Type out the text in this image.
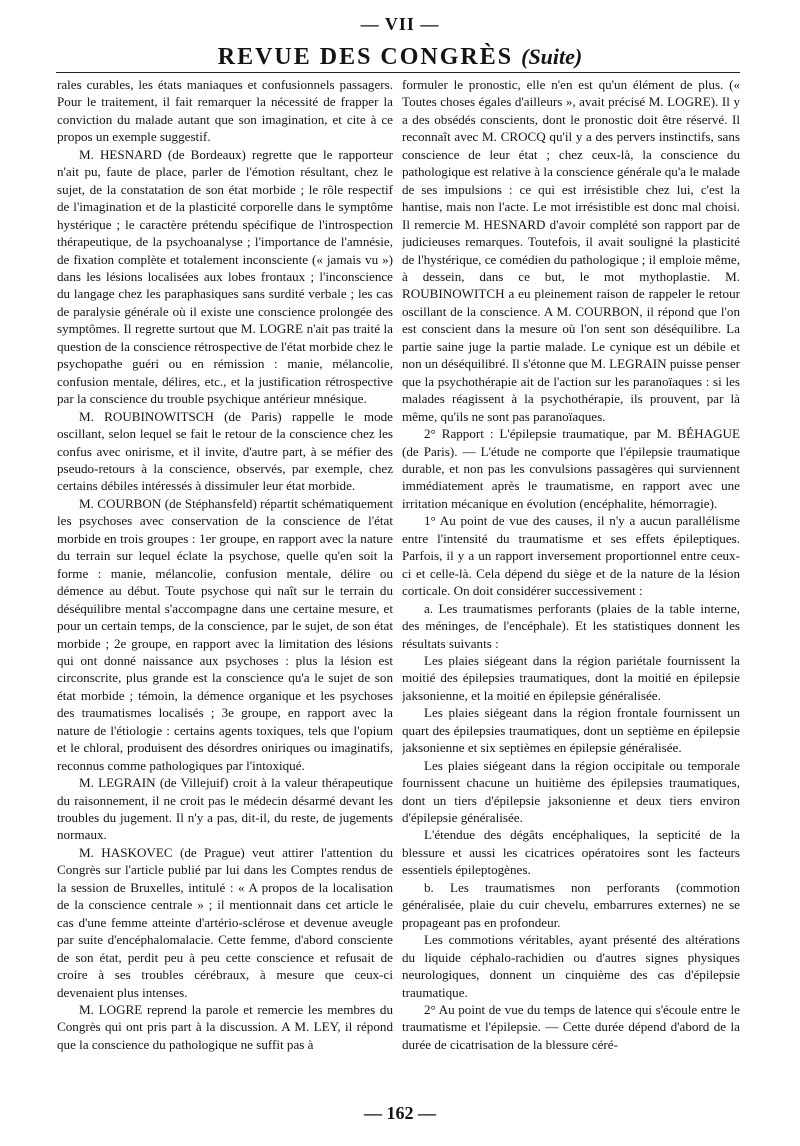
— VII —
REVUE DES CONGRÈS (Suite)

rales curables, les états maniaques et confusionnels passagers. Pour le traitement, il fait remarquer la nécessité de frapper la conviction du malade autant que son imagination, et cite à ce propos un exemple suggestif.

M. HESNARD (de Bordeaux) regrette que le rapporteur n'ait pu, faute de place, parler de l'émotion résultant, chez le sujet, de la constatation de son état morbide ; le rôle respectif de l'imagination et de la plasticité corporelle dans le symptôme hystérique ; le caractère prétendu spécifique de l'introspection thérapeutique, de la psychoanalyse ; l'importance de l'amnésie, de fixation complète et totalement inconsciente (« jamais vu ») dans les lésions localisées aux lobes frontaux ; l'inconscience du langage chez les paraphasiques sans surdité verbale ; les cas de paralysie générale où il existe une conscience prolongée des symptômes. Il regrette surtout que M. LOGRE n'ait pas traité la question de la conscience rétrospective de l'état morbide chez le psychopathe guéri ou en rémission : manie, mélancolie, confusion mentale, délires, etc., et la justification rétrospective par la conscience du trouble psychique antérieur mnésique.

M. ROUBINOWITSCH (de Paris) rappelle le mode oscillant, selon lequel se fait le retour de la conscience chez les confus avec onirisme, et il invite, d'autre part, à se méfier des pseudo-retours à la conscience, observés, par exemple, chez certains débiles intéressés à dissimuler leur état morbide.

M. COURBON (de Stéphansfeld) répartit schématiquement les psychoses avec conservation de la conscience de l'état morbide en trois groupes : 1er groupe, en rapport avec la nature du terrain sur lequel éclate la psychose, quelle qu'en soit la forme : manie, mélancolie, confusion mentale, délire ou démence au début. Toute psychose qui naît sur le terrain du déséquilibre mental s'accompagne dans une certaine mesure, et pour un certain temps, de la conscience, par le sujet, de son état morbide ; 2e groupe, en rapport avec la limitation des lésions qui ont donné naissance aux psychoses : plus la lésion est circonscrite, plus grande est la conscience qu'a le sujet de son état morbide ; témoin, la démence organique et les psychoses des traumatismes localisés ; 3e groupe, en rapport avec la nature de l'étiologie : certains agents toxiques, tels que l'opium et le chloral, produisent des désordres oniriques ou imaginatifs, reconnus comme pathologiques par l'intoxiqué.

M. LEGRAIN (de Villejuif) croit à la valeur thérapeutique du raisonnement, il ne croit pas le médecin désarmé devant les troubles du jugement. Il n'y a pas, dit-il, du reste, de jugements normaux.

M. HASKOVEC (de Prague) veut attirer l'attention du Congrès sur l'article publié par lui dans les Comptes rendus de la session de Bruxelles, intitulé : « A propos de la localisation de la conscience centrale » ; il mentionnait dans cet article le cas d'une femme atteinte d'artério-sclérose et devenue aveugle par suite d'encéphalomalacie. Cette femme, d'abord consciente de son état, perdit peu à peu cette conscience et refusait de croire à ses troubles cérébraux, à mesure que ceux-ci devenaient plus intenses.

M. LOGRE reprend la parole et remercie les membres du Congrès qui ont pris part à la discussion. A M. LEY, il répond que la conscience du pathologique ne suffit pas à

formuler le pronostic, elle n'en est qu'un élément de plus. (« Toutes choses égales d'ailleurs », avait précisé M. LOGRE). Il y a des obsédés conscients, dont le pronostic doit être réservé. Il reconnaît avec M. CROCQ qu'il y a des pervers instinctifs, sans conscience de leur état ; chez ceux-là, la conscience du pathologique est relative à la conscience générale qu'a le malade de ses impulsions : ce qui est irrésistible chez lui, c'est la hantise, mais non l'acte. Le mot irrésistible est donc mal choisi. Il remercie M. HESNARD d'avoir complété son rapport par de judicieuses remarques. Toutefois, il avait souligné la plasticité de l'hystérique, ce comédien du pathologique ; il emploie même, à dessein, dans ce but, le mot mythoplastie. M. ROUBINOWITCH a eu pleinement raison de rappeler le retour oscillant de la conscience. A M. COURBON, il répond que l'on est conscient dans la mesure où l'on sent son déséquilibre. La partie saine juge la partie malade. Le cynique est un débile et non un déséquilibré. Il s'étonne que M. LEGRAIN puisse penser que la psychothérapie ait de l'action sur les paranoïaques : si les malades réagissent à la psychothérapie, ils prouvent, par là même, qu'ils ne sont pas paranoïaques.

2° Rapport : L'épilepsie traumatique, par M. BÉHAGUE (de Paris). — L'étude ne comporte que l'épilepsie traumatique durable, et non pas les convulsions passagères qui surviennent immédiatement après le traumatisme, en rapport avec une irritation mécanique en évolution (encéphalite, hémorragie).

1° Au point de vue des causes, il n'y a aucun parallélisme entre l'intensité du traumatisme et ses effets épileptiques. Parfois, il y a un rapport inversement proportionnel entre ceux-ci et celle-là. Cela dépend du siège et de la nature de la lésion corticale. On doit considérer successivement :

a. Les traumatismes perforants (plaies de la table interne, des méninges, de l'encéphale). Et les statistiques donnent les résultats suivants :

Les plaies siégeant dans la région pariétale fournissent la moitié des épilepsies traumatiques, dont la moitié en épilepsie jaksonienne, et la moitié en épilepsie généralisée.

Les plaies siégeant dans la région frontale fournissent un quart des épilepsies traumatiques, dont un septième en épilepsie jaksonienne et six septièmes en épilepsie généralisée.

Les plaies siégeant dans la région occipitale ou temporale fournissent chacune un huitième des épilepsies traumatiques, dont un tiers d'épilepsie jaksonienne et deux tiers environ d'épilepsie généralisée.

L'étendue des dégâts encéphaliques, la septicité de la blessure et aussi les cicatrices opératoires sont les facteurs essentiels épileptogènes.

b. Les traumatismes non perforants (commotion généralisée, plaie du cuir chevelu, embarrures externes) ne se propageant pas en profondeur.

Les commotions véritables, ayant présenté des altérations du liquide céphalo-rachidien ou d'autres signes physiques neurologiques, donnent un cinquième des cas d'épilepsie traumatique.

2° Au point de vue du temps de latence qui s'écoule entre le traumatisme et l'épilepsie. — Cette durée dépend d'abord de la durée de cicatrisation de la blessure céré-

— 162 —
